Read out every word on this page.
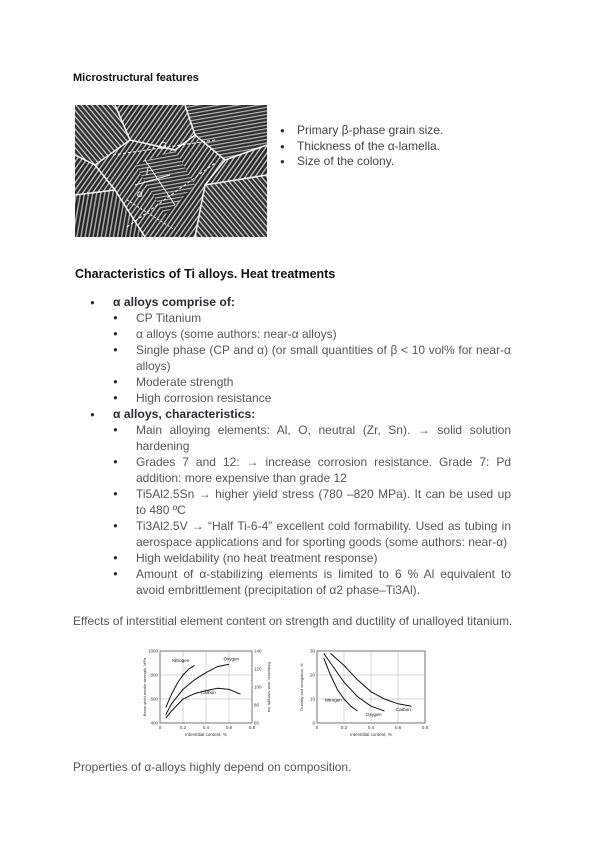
Microstructural features
G
l
d
● Primary β-phase grain size.
● Thickness of the α-lamella.
● Size of the colony.
Characteristics of Ti alloys. Heat treatments
● α alloys comprise of:
● CP Titanium
● α alloys (some authors: near-α alloys)
● Single phase (CP and α) (or small quantities of β < 10 vol% for near-α alloys)
● Moderate strength
● High corrosion resistance
● α alloys, characteristics:
● Main alloying elements: Al, O, neutral (Zr, Sn). → solid solution hardening
● Grades 7 and 12: → increase corrosion resistance. Grade 7: Pd addition: more expensive than grade 12
● Ti5Al2.5Sn → higher yield stress (780 –820 MPa). It can be used up to 480 ºC
● Ti3Al2.5V → “Half Ti-6-4” excellent cold formability. Used as tubing in aerospace applications and for sporting goods (some authors: near-α)
● High weldability (no heat treatment response)
● Amount of α-stabilizing elements is limited to 6 % Al equivalent to avoid embrittlement (precipitation of α2 phase–Ti3Al).
Effects of interstitial element content on strength and ductility of unalloyed titanium.
0	0.2	0.4	0.6	0.8
400
600
800
1000
60
80
100
120
140
Reduction, max strength, ksi
Interstitial content, %
Beam-yield tensile strength, MPa	Nitrogen	Oxygen
Carbon
0	0.2	0.4	0.6	0.8
0
10
20
30
Interstitial content, %
Ductility and elongation, %	Nitrogen
Oxygen
Carbon
Properties of α-alloys highly depend on composition.
